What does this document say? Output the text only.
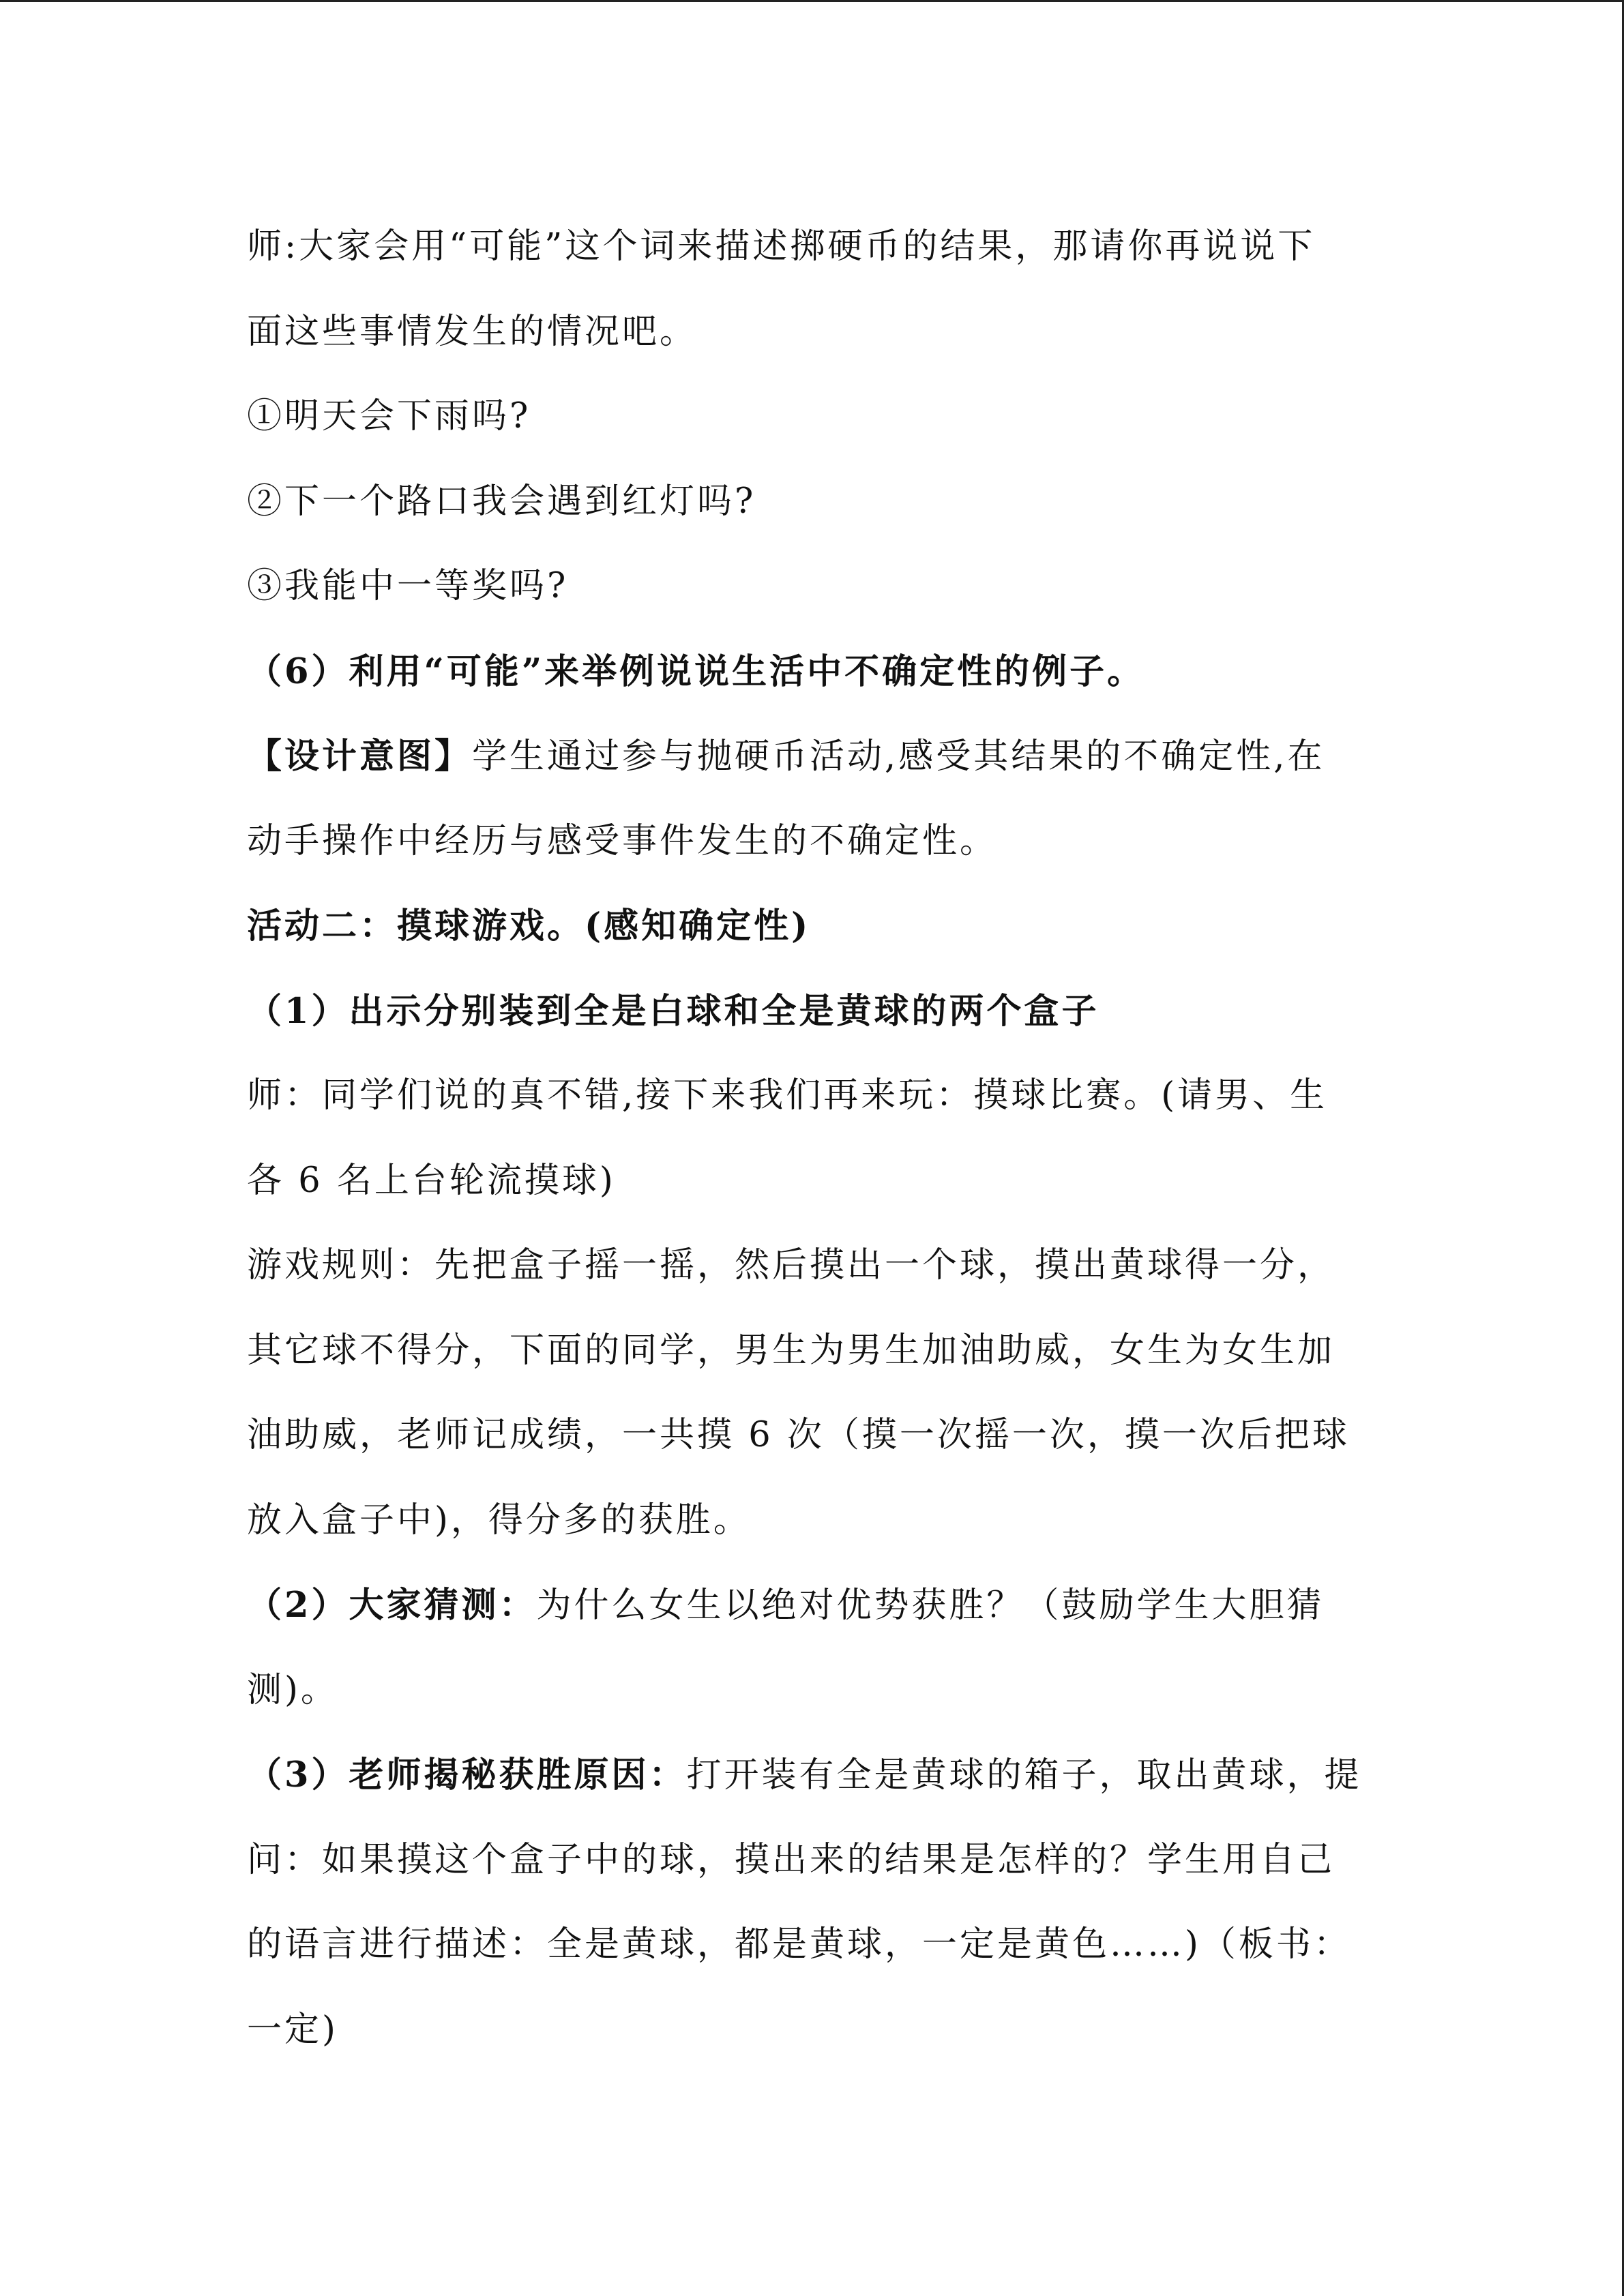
师:大家会用“可能”这个词来描述掷硬币的结果，那请你再说说下
面这些事情发生的情况吧。
①明天会下雨吗?
②下一个路口我会遇到红灯吗?
③我能中一等奖吗?
（6）利用“可能”来举例说说生活中不确定性的例子。
【设计意图】学生通过参与抛硬币活动,感受其结果的不确定性,在
动手操作中经历与感受事件发生的不确定性。
活动二：摸球游戏。(感知确定性)
（1）出示分别装到全是白球和全是黄球的两个盒子
师：同学们说的真不错,接下来我们再来玩：摸球比赛。(请男、生
各 6 名上台轮流摸球)
游戏规则：先把盒子摇一摇，然后摸出一个球，摸出黄球得一分，
其它球不得分，下面的同学，男生为男生加油助威，女生为女生加
油助威，老师记成绩，一共摸 6 次（摸一次摇一次，摸一次后把球
放入盒子中)，得分多的获胜。
（2）大家猜测：为什么女生以绝对优势获胜？（鼓励学生大胆猜
测)。
（3）老师揭秘获胜原因：打开装有全是黄球的箱子，取出黄球，提
问：如果摸这个盒子中的球，摸出来的结果是怎样的？学生用自己
的语言进行描述：全是黄球，都是黄球，一定是黄色……)（板书：
一定)
